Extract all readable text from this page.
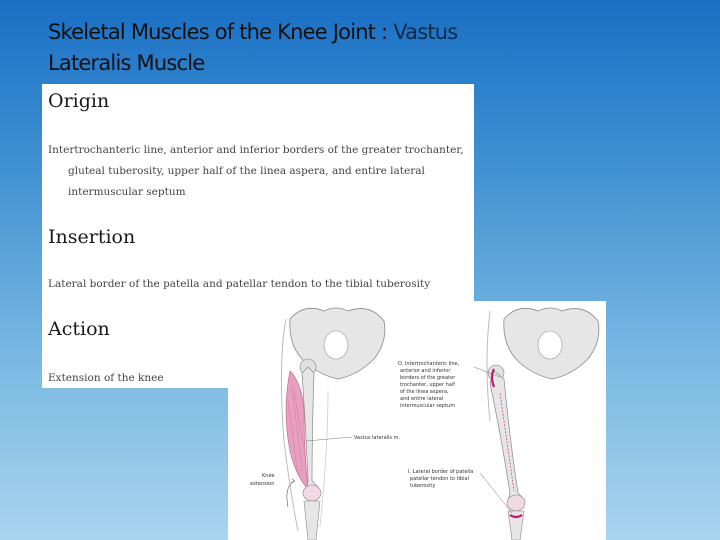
Skeletal Muscles of the Knee Joint : Vastus
Lateralis Muscle
Origin
Intertrochanteric line, anterior and inferior borders of the greater trochanter,
gluteal tuberosity, upper half of the linea aspera, and entire lateral
intermuscular septum
Insertion
Lateral border of the patella and patellar tendon to the tibial tuberosity
Action
Extension of the knee
Vastus lateralis m.
Knee
extension
O. Intertrochanteric line,
anterior and inferior
borders of the greater
trochanter, upper half
of the linea aspera,
and entire lateral
intermuscular septum
I. Lateral border of patella
patellar tendon to tibial
tuberosity
